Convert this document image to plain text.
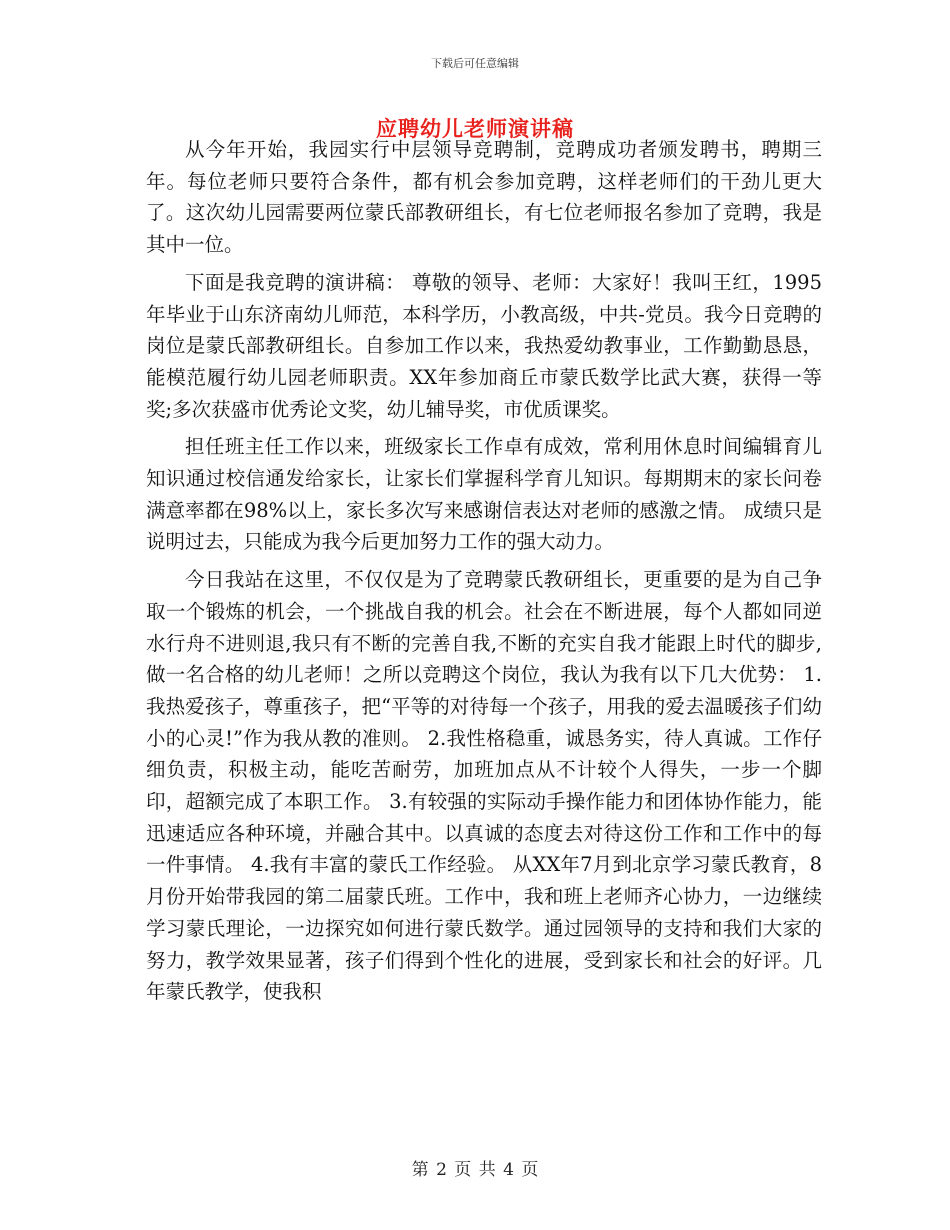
下载后可任意编辑
应聘幼儿老师演讲稿

从今年开始，我园实行中层领导竞聘制，竞聘成功者颁发聘书，聘期三年。每位老师只要符合条件，都有机会参加竞聘，这样老师们的干劲儿更大了。这次幼儿园需要两位蒙氏部教研组长，有七位老师报名参加了竞聘，我是其中一位。

下面是我竞聘的演讲稿： 尊敬的领导、老师：大家好！我叫王红，1995年毕业于山东济南幼儿师范，本科学历，小教高级，中共-党员。我今日竞聘的岗位是蒙氏部教研组长。自参加工作以来，我热爱幼教事业，工作勤勤恳恳，能模范履行幼儿园老师职责。XX年参加商丘市蒙氏数学比武大赛，获得一等奖;多次获盛市优秀论文奖，幼儿辅导奖，市优质课奖。

担任班主任工作以来，班级家长工作卓有成效，常利用休息时间编辑育儿知识通过校信通发给家长，让家长们掌握科学育儿知识。每期期末的家长问卷满意率都在98%以上，家长多次写来感谢信表达对老师的感激之情。 成绩只是说明过去，只能成为我今后更加努力工作的强大动力。

今日我站在这里，不仅仅是为了竞聘蒙氏教研组长，更重要的是为自己争取一个锻炼的机会，一个挑战自我的机会。社会在不断进展，每个人都如同逆水行舟不进则退,我只有不断的完善自我,不断的充实自我才能跟上时代的脚步,做一名合格的幼儿老师！之所以竞聘这个岗位，我认为我有以下几大优势： 1.我热爱孩子，尊重孩子，把“平等的对待每一个孩子，用我的爱去温暖孩子们幼小的心灵!”作为我从教的准则。 2.我性格稳重，诚恳务实，待人真诚。工作仔细负责，积极主动，能吃苦耐劳，加班加点从不计较个人得失，一步一个脚印，超额完成了本职工作。 3.有较强的实际动手操作能力和团体协作能力，能迅速适应各种环境，并融合其中。以真诚的态度去对待这份工作和工作中的每一件事情。 4.我有丰富的蒙氏工作经验。 从XX年7月到北京学习蒙氏教育，8月份开始带我园的第二届蒙氏班。工作中，我和班上老师齐心协力，一边继续学习蒙氏理论，一边探究如何进行蒙氏数学。通过园领导的支持和我们大家的努力，教学效果显著，孩子们得到个性化的进展，受到家长和社会的好评。几年蒙氏教学，使我积

第 2 页 共 4 页
